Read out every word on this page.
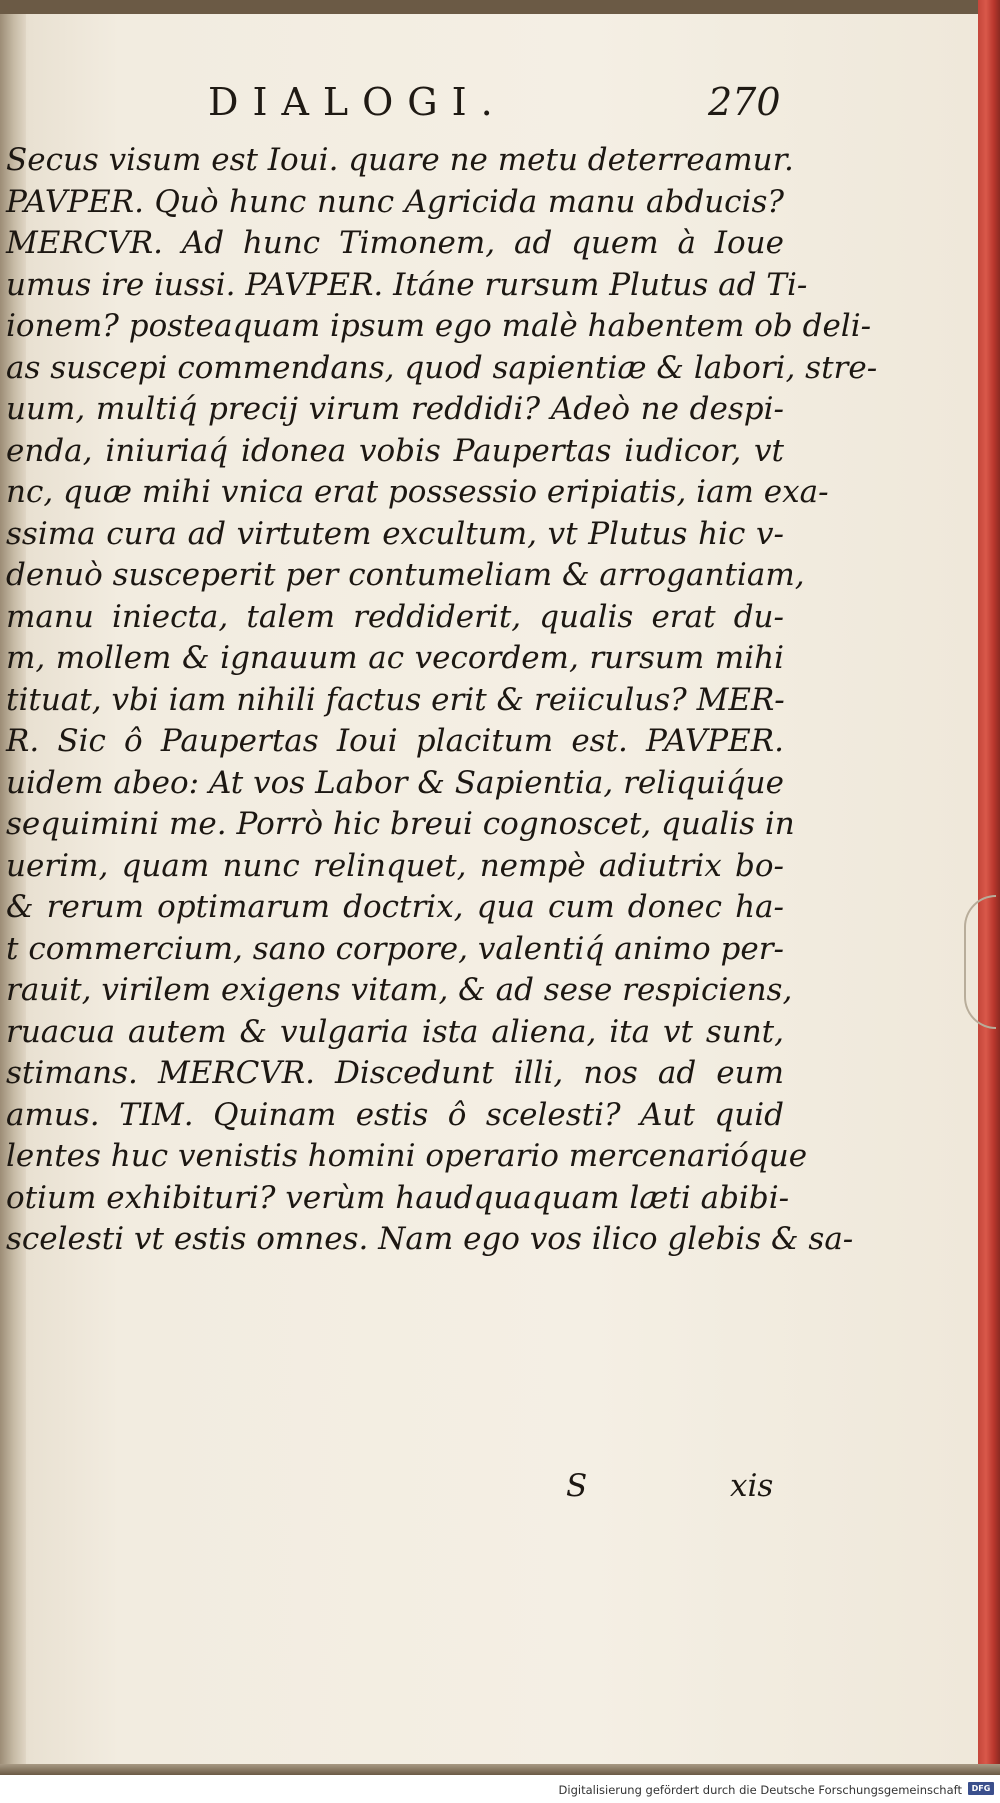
DIALOGI.	270
Secus visum est Ioui. quare ne metu deterreamur.
PAVPER. Quò hunc nunc Agricida manu abducis?
MERCVR. Ad hunc Timonem, ad quem à Ioue
umus ire iussi. PAVPER. Itáne rursum Plutus ad Ti-
ionem? posteaquam ipsum ego malè habentem ob deli-
as suscepi commendans, quod sapientiæ & labori, stre-
uum, multiq́ precij virum reddidi? Adeò ne despi-
enda, iniuriaq́ idonea vobis Paupertas iudicor, vt
nc, quæ mihi vnica erat possessio eripiatis, iam exa-
ssima cura ad virtutem excultum, vt Plutus hic v-
denuò susceperit per contumeliam & arrogantiam,
manu iniecta, talem reddiderit, qualis erat du-
m, mollem & ignauum ac vecordem, rursum mihi
tituat, vbi iam nihili factus erit & reiiculus? MER-
R. Sic ô Paupertas Ioui placitum est. PAVPER.
uidem abeo: At vos Labor & Sapientia, reliquiq́ue
sequimini me. Porrò hic breui cognoscet, qualis in
uerim, quam nunc relinquet, nempè adiutrix bo-
& rerum optimarum doctrix, qua cum donec ha-
t commercium, sano corpore, valentiq́ animo per-
rauit, virilem exigens vitam, & ad sese respiciens,
ruacua autem & vulgaria ista aliena, ita vt sunt,
stimans. MERCVR. Discedunt illi, nos ad eum
amus. TIM. Quinam estis ô scelesti? Aut quid
lentes huc venistis homini operario mercenarióque
otium exhibituri? verùm haudquaquam læti abibi-
scelesti vt estis omnes. Nam ego vos ilico glebis & sa-
S	xis
Digitalisierung gefördert durch die Deutsche Forschungsgemeinschaft	DFG
